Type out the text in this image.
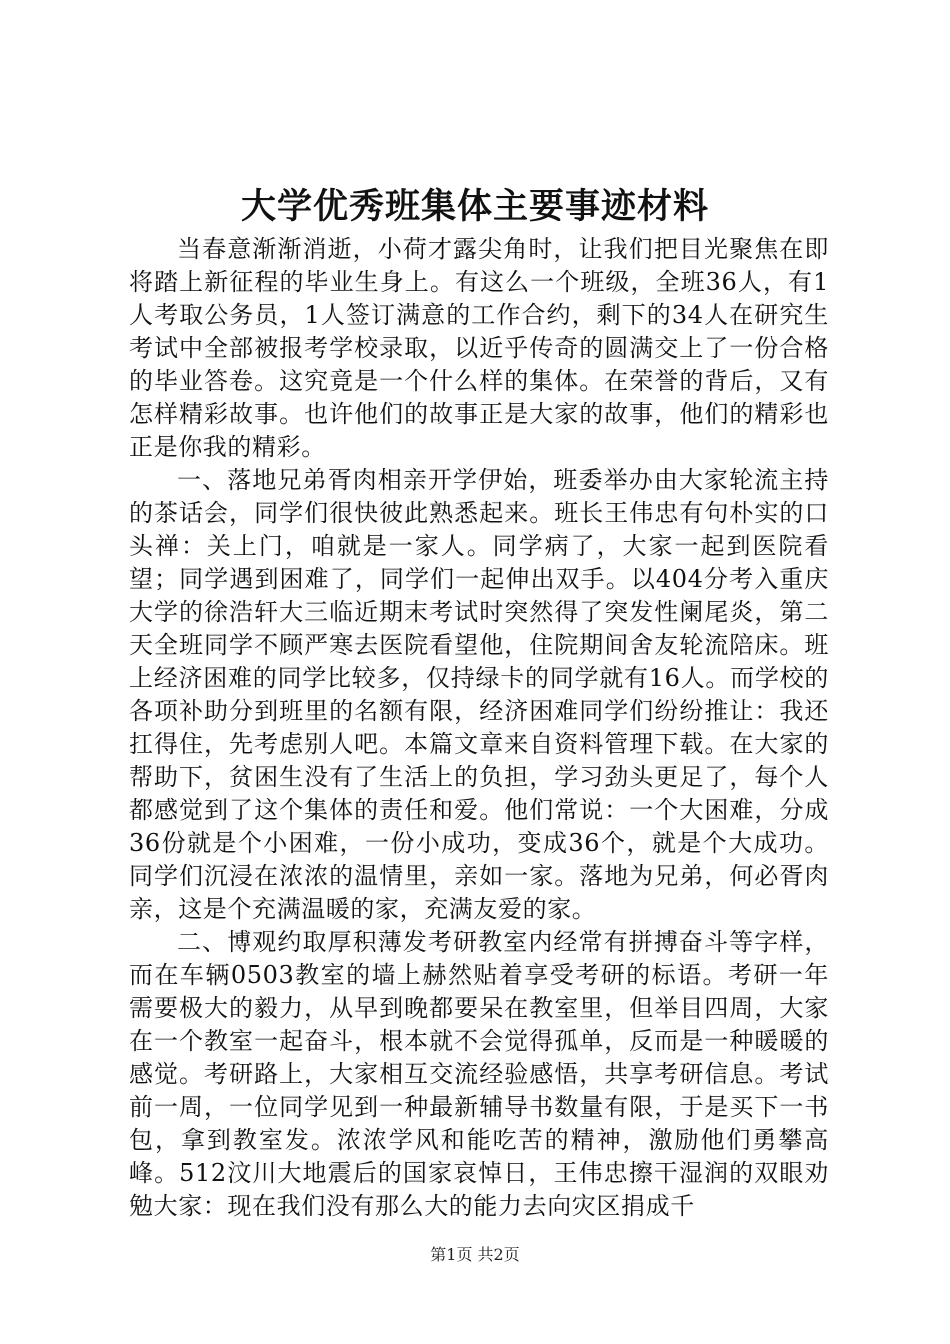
大学优秀班集体主要事迹材料

当春意渐渐消逝，小荷才露尖角时，让我们把目光聚焦在即将踏上新征程的毕业生身上。有这么一个班级，全班36人，有1人考取公务员，1人签订满意的工作合约，剩下的34人在研究生考试中全部被报考学校录取，以近乎传奇的圆满交上了一份合格的毕业答卷。这究竟是一个什么样的集体。在荣誉的背后，又有怎样精彩故事。也许他们的故事正是大家的故事，他们的精彩也正是你我的精彩。

一、落地兄弟胥肉相亲开学伊始，班委举办由大家轮流主持的茶话会，同学们很快彼此熟悉起来。班长王伟忠有句朴实的口头禅：关上门，咱就是一家人。同学病了，大家一起到医院看望；同学遇到困难了，同学们一起伸出双手。以404分考入重庆大学的徐浩轩大三临近期末考试时突然得了突发性阑尾炎，第二天全班同学不顾严寒去医院看望他，住院期间舍友轮流陪床。班上经济困难的同学比较多，仅持绿卡的同学就有16人。而学校的各项补助分到班里的名额有限，经济困难同学们纷纷推让：我还扛得住，先考虑别人吧。本篇文章来自资料管理下载。在大家的帮助下，贫困生没有了生活上的负担，学习劲头更足了，每个人都感觉到了这个集体的责任和爱。他们常说：一个大困难，分成36份就是个小困难，一份小成功，变成36个，就是个大成功。同学们沉浸在浓浓的温情里，亲如一家。落地为兄弟，何必胥肉亲，这是个充满温暖的家，充满友爱的家。

二、博观约取厚积薄发考研教室内经常有拼搏奋斗等字样，而在车辆0503教室的墙上赫然贴着享受考研的标语。考研一年需要极大的毅力，从早到晚都要呆在教室里，但举目四周，大家在一个教室一起奋斗，根本就不会觉得孤单，反而是一种暖暖的感觉。考研路上，大家相互交流经验感悟，共享考研信息。考试前一周，一位同学见到一种最新辅导书数量有限，于是买下一书包，拿到教室发。浓浓学风和能吃苦的精神，激励他们勇攀高峰。512汶川大地震后的国家哀悼日，王伟忠擦干湿润的双眼劝勉大家：现在我们没有那么大的能力去向灾区捐成千

第1页 共2页
